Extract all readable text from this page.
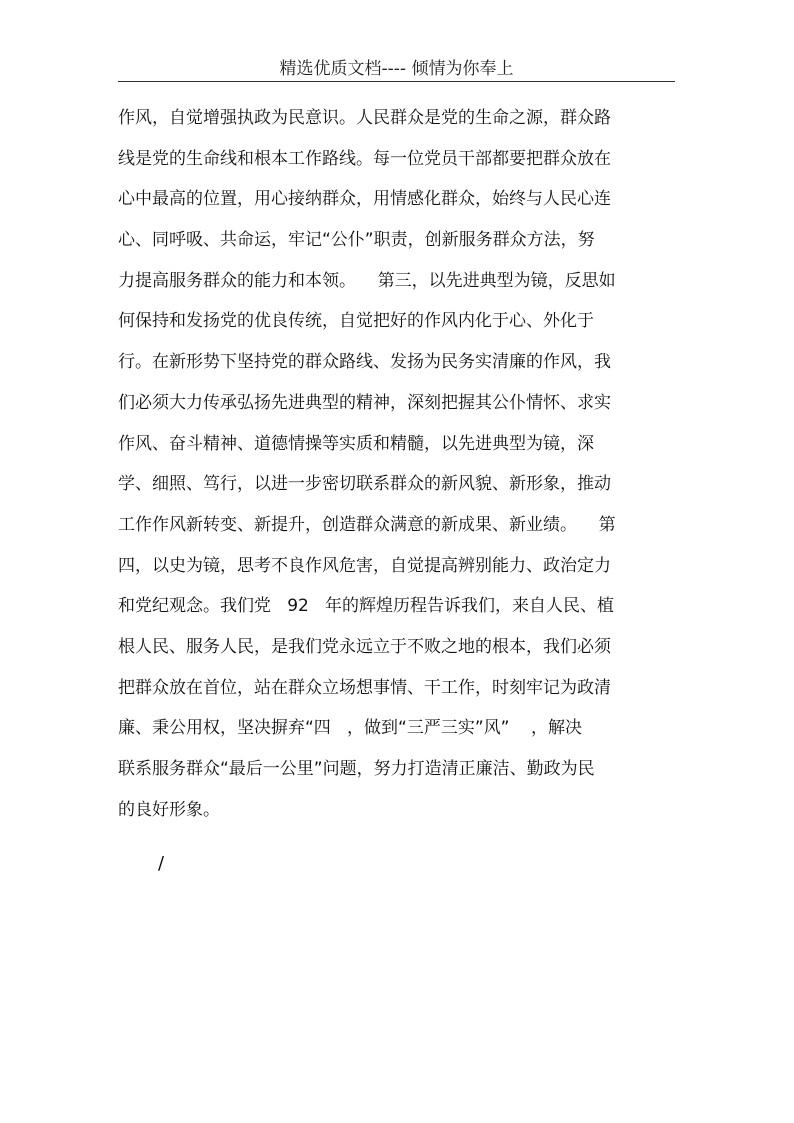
精选优质文档---- 倾情为你奉上
作风，自觉增强执政为民意识。人民群众是党的生命之源，群众路
线是党的生命线和根本工作路线。每一位党员干部都要把群众放在
心中最高的位置，用心接纳群众，用情感化群众，始终与人民心连
心、同呼吸、共命运，牢记“公仆”职责，创新服务群众方法，努
力提高服务群众的能力和本领。    第三，以先进典型为镜，反思如
何保持和发扬党的优良传统，自觉把好的作风内化于心、外化于
行。在新形势下坚持党的群众路线、发扬为民务实清廉的作风，我
们必须大力传承弘扬先进典型的精神，深刻把握其公仆情怀、求实
作风、奋斗精神、道德情操等实质和精髓，以先进典型为镜，深
学、细照、笃行，以进一步密切联系群众的新风貌、新形象，推动
工作作风新转变、新提升，创造群众满意的新成果、新业绩。    第
四，以史为镜，思考不良作风危害，自觉提高辨别能力、政治定力
和党纪观念。我们党   92   年的辉煌历程告诉我们，来自人民、植
根人民、服务人民，是我们党永远立于不败之地的根本，我们必须
把群众放在首位，站在群众立场想事情、干工作，时刻牢记为政清
廉、秉公用权，坚决摒弃“四   ，做到“三严三实”风”    ，解决
联系服务群众“最后一公里”问题，努力打造清正廉洁、勤政为民
的良好形象。
/
